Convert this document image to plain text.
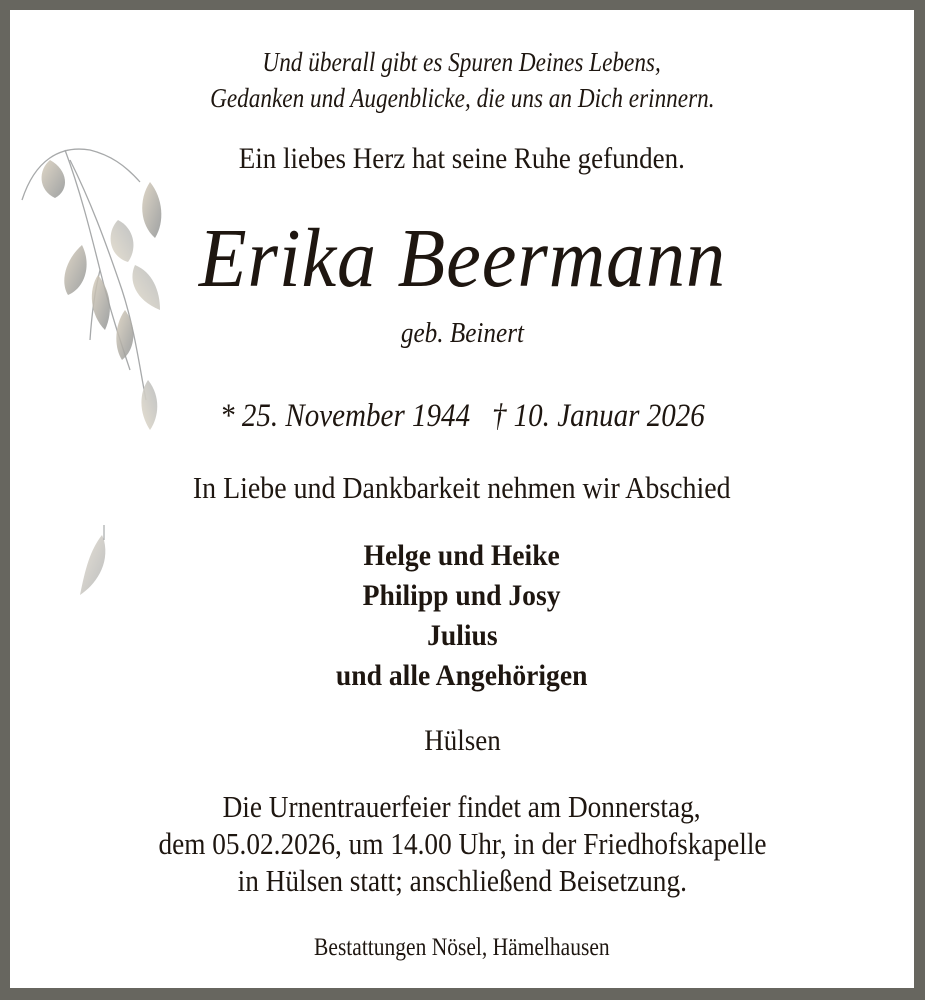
Und überall gibt es Spuren Deines Lebens,
Gedanken und Augenblicke, die uns an Dich erinnern.
Ein liebes Herz hat seine Ruhe gefunden.
Erika Beermann
geb. Beinert
* 25. November 1944   † 10. Januar 2026
In Liebe und Dankbarkeit nehmen wir Abschied
Helge und Heike
Philipp und Josy
Julius
und alle Angehörigen
Hülsen
Die Urnentrauerfeier findet am Donnerstag,
dem 05.02.2026, um 14.00 Uhr, in der Friedhofskapelle
in Hülsen statt; anschließend Beisetzung.
Bestattungen Nösel, Hämelhausen
